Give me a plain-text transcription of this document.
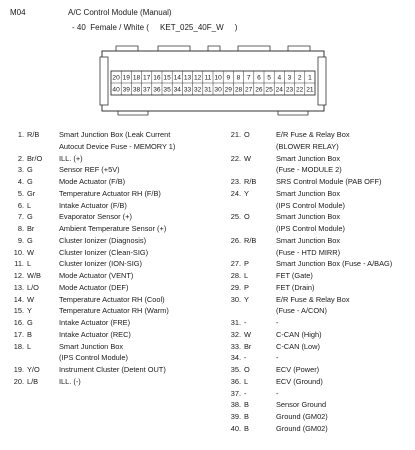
M04	A/C Control Module (Manual)
- 40  Female / White (     KET_025_40F_W     )
20 19 18 17 16 15 14 13 12 11 10 9 8 7 6 5 4 3 2 1
40 39 38 37 36 35 34 33 32 31 30 29 28 27 26 25 24 23 22 21
1. R/B	Smart Junction Box (Leak Current
Autocut Device Fuse - MEMORY 1)
2. Br/O	ILL. (+)
3. G	Sensor REF (+5V)
4. G	Mode Actuator (F/B)
5. Gr	Temperature Actuator RH (F/B)
6. L	Intake Actuator (F/B)
7. G	Evaporator Sensor (+)
8. Br	Ambient Temperature Sensor (+)
9. G	Cluster Ionizer (Diagnosis)
10. W	Cluster Ionizer (Clean-SIG)
11. L	Cluster Ionizer (ION-SIG)
12. W/B	Mode Actuator (VENT)
13. L/O	Mode Actuator (DEF)
14. W	Temperature Actuator RH (Cool)
15. Y	Temperature Actuator RH (Warm)
16. G	Intake Actuator (FRE)
17. B	Intake Actuator (REC)
18. L	Smart Junction Box
(IPS Control Module)
19. Y/O	Instrument Cluster (Detent OUT)
20. L/B	ILL. (-)
21. O	E/R Fuse & Relay Box
(BLOWER RELAY)
22. W	Smart Junction Box
(Fuse - MODULE 2)
23. R/B	SRS Control Module (PAB OFF)
24. Y	Smart Junction Box
(IPS Control Module)
25. O	Smart Junction Box
(IPS Control Module)
26. R/B	Smart Junction Box
(Fuse - HTD MIRR)
27. P	Smart Junction Box (Fuse - A/BAG)
28. L	FET (Gate)
29. P	FET (Drain)
30. Y	E/R Fuse & Relay Box
(Fuse - A/CON)
31. -	-
32. W	C-CAN (High)
33. Br	C-CAN (Low)
34. -	-
35. O	ECV (Power)
36. L	ECV (Ground)
37. -	-
38. B	Sensor Ground
39. B	Ground (GM02)
40. B	Ground (GM02)
